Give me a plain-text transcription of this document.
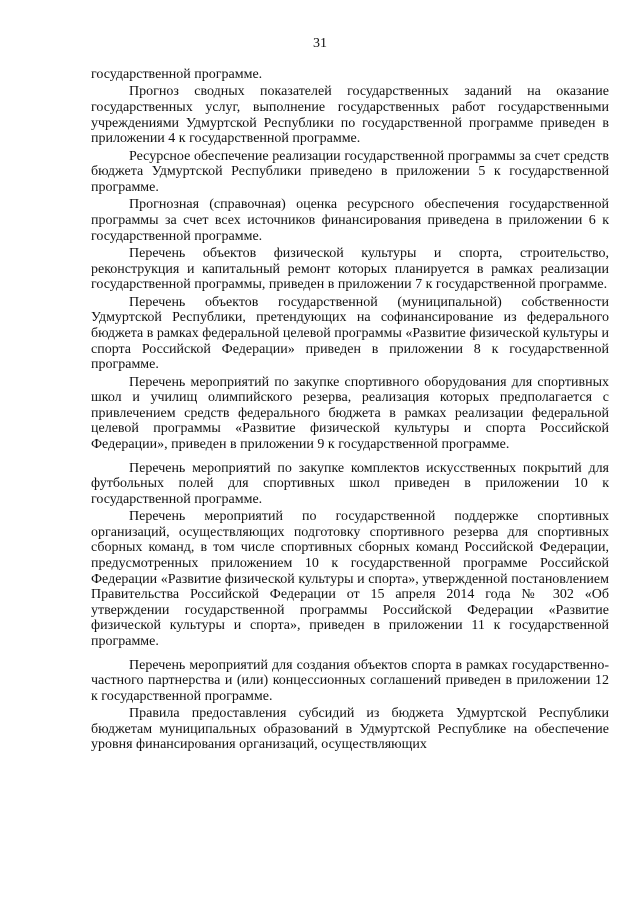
31

государственной программе.

Прогноз сводных показателей государственных заданий на оказание государственных услуг, выполнение государственных работ государственными учреждениями Удмуртской Республики по государственной программе приведен в приложении 4 к государственной программе.

Ресурсное обеспечение реализации государственной программы за счет средств бюджета Удмуртской Республики приведено в приложении 5 к государственной программе.

Прогнозная (справочная) оценка ресурсного обеспечения государственной программы за счет всех источников финансирования приведена в приложении 6 к государственной программе.

Перечень объектов физической культуры и спорта, строительство, реконструкция и капитальный ремонт которых планируется в рамках реализации государственной программы, приведен в приложении 7 к государственной программе.

Перечень объектов государственной (муниципальной) собственности Удмуртской Республики, претендующих на софинансирование из федерального бюджета в рамках федеральной целевой программы «Развитие физической культуры и спорта Российской Федерации» приведен в приложении 8 к государственной программе.

Перечень мероприятий по закупке спортивного оборудования для спортивных школ и училищ олимпийского резерва, реализация которых предполагается с привлечением средств федерального бюджета в рамках реализации федеральной целевой программы «Развитие физической культуры и спорта Российской Федерации», приведен в приложении 9 к государственной программе.

Перечень мероприятий по закупке комплектов искусственных покрытий для футбольных полей для спортивных школ приведен в приложении 10 к государственной программе.

Перечень мероприятий по государственной поддержке спортивных организаций, осуществляющих подготовку спортивного резерва для спортивных сборных команд, в том числе спортивных сборных команд Российской Федерации, предусмотренных приложением 10 к государственной программе Российской Федерации «Развитие физической культуры и спорта», утвержденной постановлением Правительства Российской Федерации от 15 апреля 2014 года № 302 «Об утверждении государственной программы Российской Федерации «Развитие физической культуры и спорта», приведен в приложении 11 к государственной программе.

Перечень мероприятий для создания объектов спорта в рамках государственно-частного партнерства и (или) концессионных соглашений приведен в приложении 12 к государственной программе.

Правила предоставления субсидий из бюджета Удмуртской Республики бюджетам муниципальных образований в Удмуртской Республике на обеспечение уровня финансирования организаций, осуществляющих
